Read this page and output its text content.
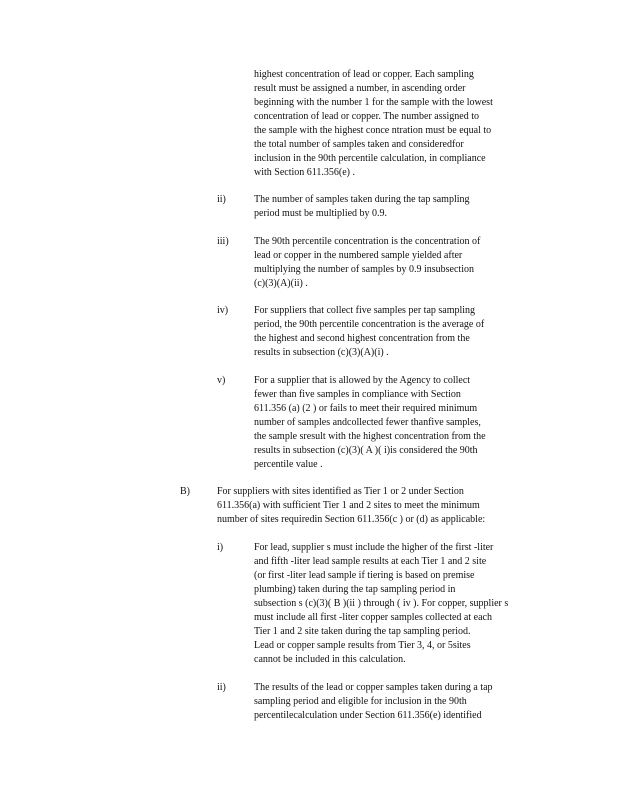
highest concentration of lead or copper. Each sampling
result must be assigned a number, in ascending order
beginning with the number 1 for the sample with the lowest
concentration of lead or copper. The number assigned to
the sample with the highest conce ntration must be equal to
the total number of samples taken and consideredfor
inclusion in the 90th percentile calculation, in compliance
with Section 611.356(e) .

ii)	The number of samples taken during the tap sampling
period must be multiplied by 0.9.

iii)	The 90th percentile concentration is the concentration of
lead or copper in the numbered sample yielded after
multiplying the number of samples by 0.9 insubsection
(c)(3)(A)(ii) .

iv)	For suppliers that collect five samples per tap sampling
period, the 90th percentile concentration is the average of
the highest and second highest concentration from the
results in subsection (c)(3)(A)(i) .

v)	For a supplier that is allowed by the Agency to collect
fewer than five samples in compliance with Section
611.356 (a) (2 ) or fails to meet their required minimum
number of samples andcollected fewer thanfive samples,
the sample sresult with the highest concentration from the
results in subsection (c)(3)( A )( i)is considered the 90th
percentile value .

B)	For suppliers with sites identified as Tier 1 or 2 under Section
611.356(a) with sufficient Tier 1 and 2 sites to meet the minimum
number of sites requiredin Section 611.356(c ) or (d) as applicable:

i)	For lead, supplier s must include the higher of the first -liter
and fifth -liter lead sample results at each Tier 1 and 2 site
(or first -liter lead sample if tiering is based on premise
plumbing) taken during the tap sampling period in
subsection s (c)(3)( B )(ii ) through ( iv ). For copper, supplier s
must include all first -liter copper samples collected at each
Tier 1 and 2 site taken during the tap sampling period.
Lead or copper sample results from Tier 3, 4, or 5sites
cannot be included in this calculation.

ii)	The results of the lead or copper samples taken during a tap
sampling period and eligible for inclusion in the 90th
percentilecalculation under Section 611.356(e) identified
